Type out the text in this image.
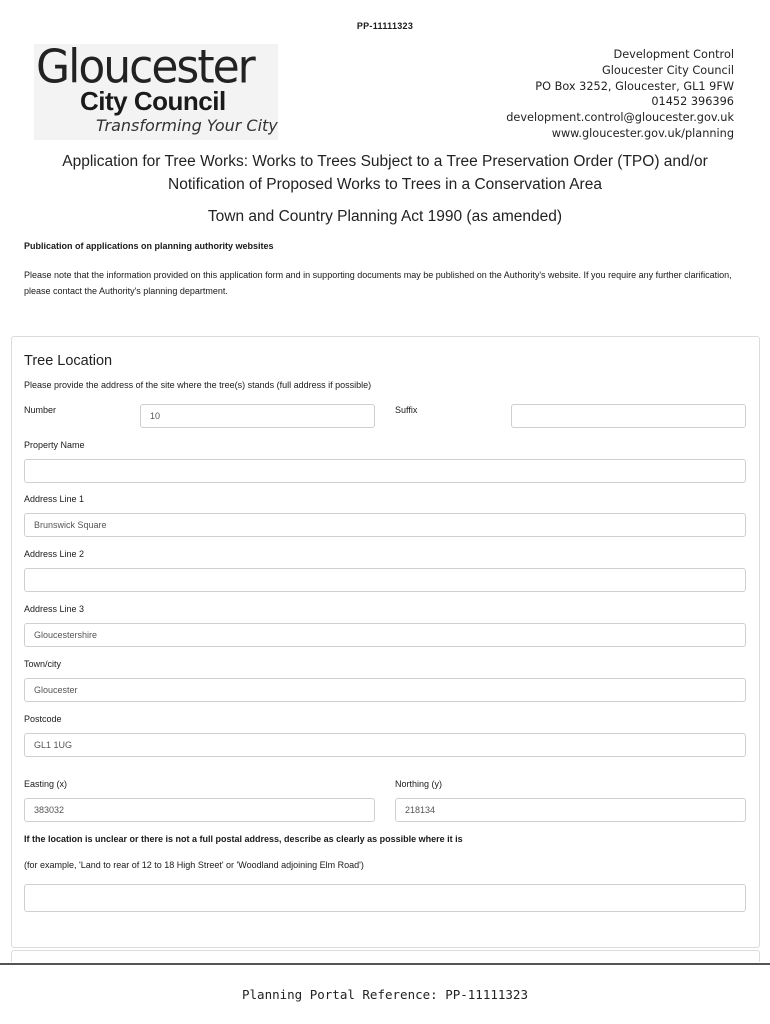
PP-11111323
Gloucester
City Council
Transforming Your City
Development Control
Gloucester City Council
PO Box 3252, Gloucester, GL1 9FW
01452 396396
development.control@gloucester.gov.uk
www.gloucester.gov.uk/planning
Application for Tree Works: Works to Trees Subject to a Tree Preservation Order (TPO) and/or
Notification of Proposed Works to Trees in a Conservation Area
Town and Country Planning Act 1990 (as amended)
Publication of applications on planning authority websites
Please note that the information provided on this application form and in supporting documents may be published on the Authority's website. If you require any further clarification, please contact the Authority's planning department.
Tree Location
Please provide the address of the site where the tree(s) stands (full address if possible)
Number
10
Suffix
Property Name
Address Line 1
Brunswick Square
Address Line 2
Address Line 3
Gloucestershire
Town/city
Gloucester
Postcode
GL1 1UG
Easting (x)
383032
Northing (y)
218134
If the location is unclear or there is not a full postal address, describe as clearly as possible where it is
(for example, 'Land to rear of 12 to 18 High Street' or 'Woodland adjoining Elm Road')
Planning Portal Reference: PP-11111323
